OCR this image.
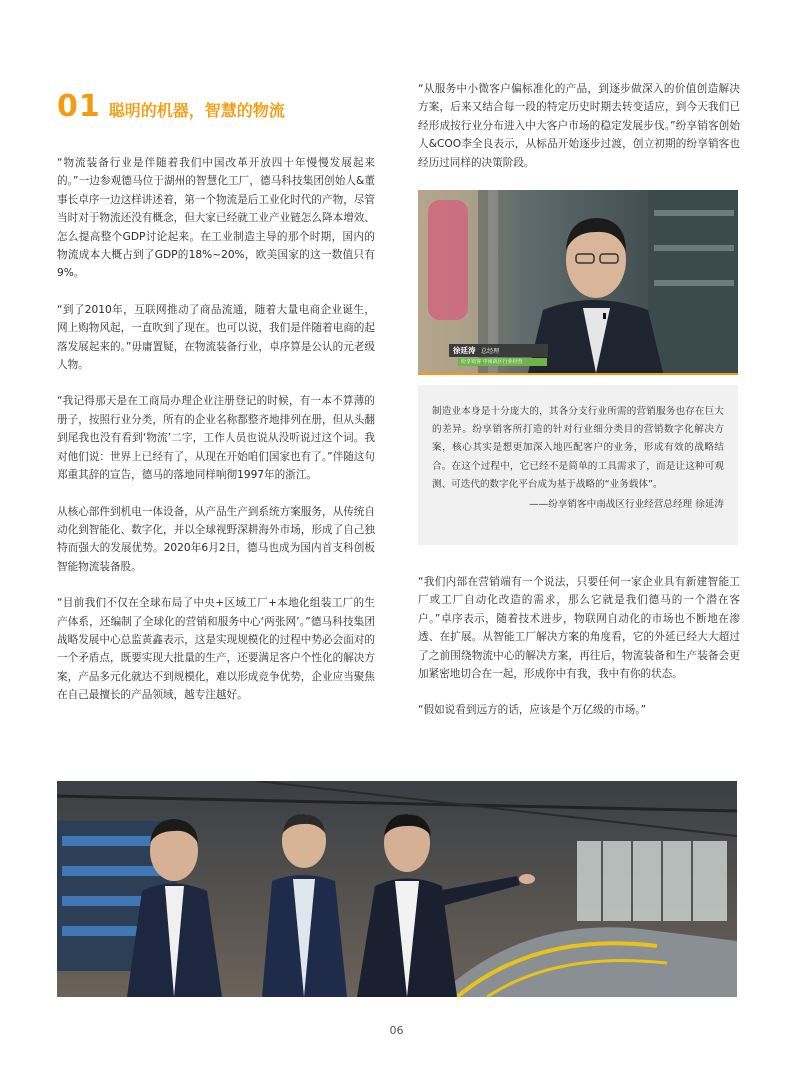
01 聪明的机器，智慧的物流

“物流装备行业是伴随着我们中国改革开放四十年慢慢发展起来的。”一边参观德马位于湖州的智慧化工厂，德马科技集团创始人&董事长卓序一边这样讲述着，第一个物流是后工业化时代的产物，尽管当时对于物流还没有概念，但大家已经就工业产业链怎么降本增效、怎么提高整个GDP讨论起来。在工业制造主导的那个时期，国内的物流成本大概占到了GDP的18%~20%，欧美国家的这一数值只有9%。

“到了2010年，互联网推动了商品流通，随着大量电商企业诞生，网上购物风起，一直吹到了现在。也可以说，我们是伴随着电商的起落发展起来的。”毋庸置疑，在物流装备行业，卓序算是公认的元老级人物。

“我记得那天是在工商局办理企业注册登记的时候，有一本不算薄的册子，按照行业分类，所有的企业名称都整齐地排列在册，但从头翻到尾我也没有看到‘物流’二字，工作人员也说从没听说过这个词。我对他们说：世界上已经有了，从现在开始咱们国家也有了。”伴随这句郑重其辞的宣告，德马的落地同样响彻1997年的浙江。

从核心部件到机电一体设备，从产品生产到系统方案服务，从传统自动化到智能化、数字化，并以全球视野深耕海外市场，形成了自己独特而强大的发展优势。2020年6月2日，德马也成为国内首支科创板智能物流装备股。

“目前我们不仅在全球布局了中央+区域工厂+本地化组装工厂的生产体系，还编制了全球化的营销和服务中心‘两张网’。”德马科技集团战略发展中心总监黄鑫表示，这是实现规模化的过程中势必会面对的一个矛盾点，既要实现大批量的生产，还要满足客户个性化的解决方案，产品多元化就达不到规模化，难以形成竞争优势，企业应当聚焦在自己最擅长的产品领域，越专注越好。

“从服务中小微客户偏标准化的产品，到逐步做深入的价值创造解决方案，后来又结合每一段的特定历史时期去转变适应，到今天我们已经形成按行业分布进入中大客户市场的稳定发展步伐。”纷享销客创始人&COO李全良表示，从标品开始逐步过渡，创立初期的纷享销客也经历过同样的决策阶段。

徐延涛 总经理
纷享销客 中南战区行业经营

制造业本身是十分庞大的，其各分支行业所需的营销服务也存在巨大的差异。纷享销客所打造的针对行业细分类目的营销数字化解决方案，核心其实是想更加深入地匹配客户的业务，形成有效的战略结合。在这个过程中，它已经不是简单的工具需求了，而是让这种可观测、可迭代的数字化平台成为基于战略的“业务载体”。

——纷享销客中南战区行业经营总经理 徐延涛

“我们内部在营销端有一个说法，只要任何一家企业具有新建智能工厂或工厂自动化改造的需求，那么它就是我们德马的一个潜在客户。”卓序表示，随着技术进步，物联网自动化的市场也不断地在渗透、在扩展。从智能工厂解决方案的角度看，它的外延已经大大超过了之前围绕物流中心的解决方案，再往后，物流装备和生产装备会更加紧密地切合在一起，形成你中有我，我中有你的状态。

“假如说看到远方的话，应该是个万亿级的市场。”

06
